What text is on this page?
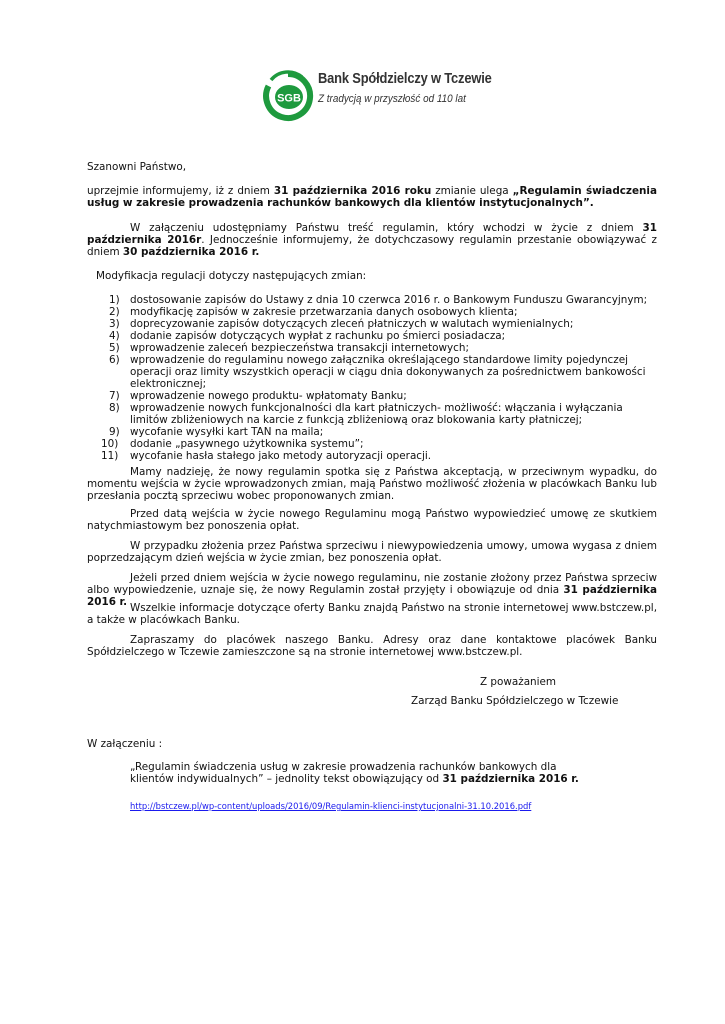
SGB
Bank Spółdzielczy w Tczewie
Z tradycją w przyszłość od 110 lat
Szanowni Państwo,
uprzejmie informujemy, iż z dniem 31 października 2016 roku zmianie ulega „Regulamin świadczenia usług w zakresie prowadzenia rachunków bankowych dla klientów instytucjonalnych”.
W załączeniu udostępniamy Państwu treść regulamin, który wchodzi w życie z dniem 31 października 2016r. Jednocześnie informujemy, że dotychczasowy regulamin przestanie obowiązywać z dniem 30 października 2016 r.
Modyfikacja regulacji dotyczy następujących zmian:
1) dostosowanie zapisów do Ustawy z dnia 10 czerwca 2016 r. o Bankowym Funduszu Gwarancyjnym;
2) modyfikację zapisów w zakresie przetwarzania danych osobowych klienta;
3) doprecyzowanie zapisów dotyczących zleceń płatniczych w walutach wymienialnych;
4) dodanie zapisów dotyczących wypłat z rachunku po śmierci posiadacza;
5) wprowadzenie zaleceń bezpieczeństwa transakcji internetowych;
6) wprowadzenie do regulaminu nowego załącznika określającego standardowe limity pojedynczej operacji oraz limity wszystkich operacji w ciągu dnia dokonywanych za pośrednictwem bankowości elektronicznej;
7) wprowadzenie nowego produktu- wpłatomaty Banku;
8) wprowadzenie nowych funkcjonalności dla kart płatniczych- możliwość: włączania i wyłączania limitów zbliżeniowych na karcie z funkcją zbliżeniową oraz blokowania karty płatniczej;
9) wycofanie wysyłki kart TAN na maila;
10) dodanie „pasywnego użytkownika systemu”;
11) wycofanie hasła stałego jako metody autoryzacji operacji.
Mamy nadzieję, że nowy regulamin spotka się z Państwa akceptacją, w przeciwnym wypadku, do momentu wejścia w życie wprowadzonych zmian, mają Państwo możliwość złożenia w placówkach Banku lub przesłania pocztą sprzeciwu wobec proponowanych zmian.
Przed datą wejścia w życie nowego Regulaminu mogą Państwo wypowiedzieć umowę ze skutkiem natychmiastowym bez ponoszenia opłat.
W przypadku złożenia przez Państwa sprzeciwu i niewypowiedzenia umowy, umowa wygasa z dniem poprzedzającym dzień wejścia w życie zmian, bez ponoszenia opłat.
Jeżeli przed dniem wejścia w życie nowego regulaminu, nie zostanie złożony przez Państwa sprzeciw albo wypowiedzenie, uznaje się, że nowy Regulamin został przyjęty i obowiązuje od dnia 31 października 2016 r. Wszelkie informacje dotyczące oferty Banku znajdą Państwo na stronie internetowej www.bstczew.pl, a także w placówkach Banku.
Zapraszamy do placówek naszego Banku. Adresy oraz dane kontaktowe placówek Banku Spółdzielczego w Tczewie zamieszczone są na stronie internetowej www.bstczew.pl.
Z poważaniem
Zarząd Banku Spółdzielczego w Tczewie
W załączeniu :
„Regulamin świadczenia usług w zakresie prowadzenia rachunków bankowych dla klientów indywidualnych” – jednolity tekst obowiązujący od 31 października 2016 r.
http://bstczew.pl/wp-content/uploads/2016/09/Regulamin-klienci-instytucjonalni-31.10.2016.pdf
